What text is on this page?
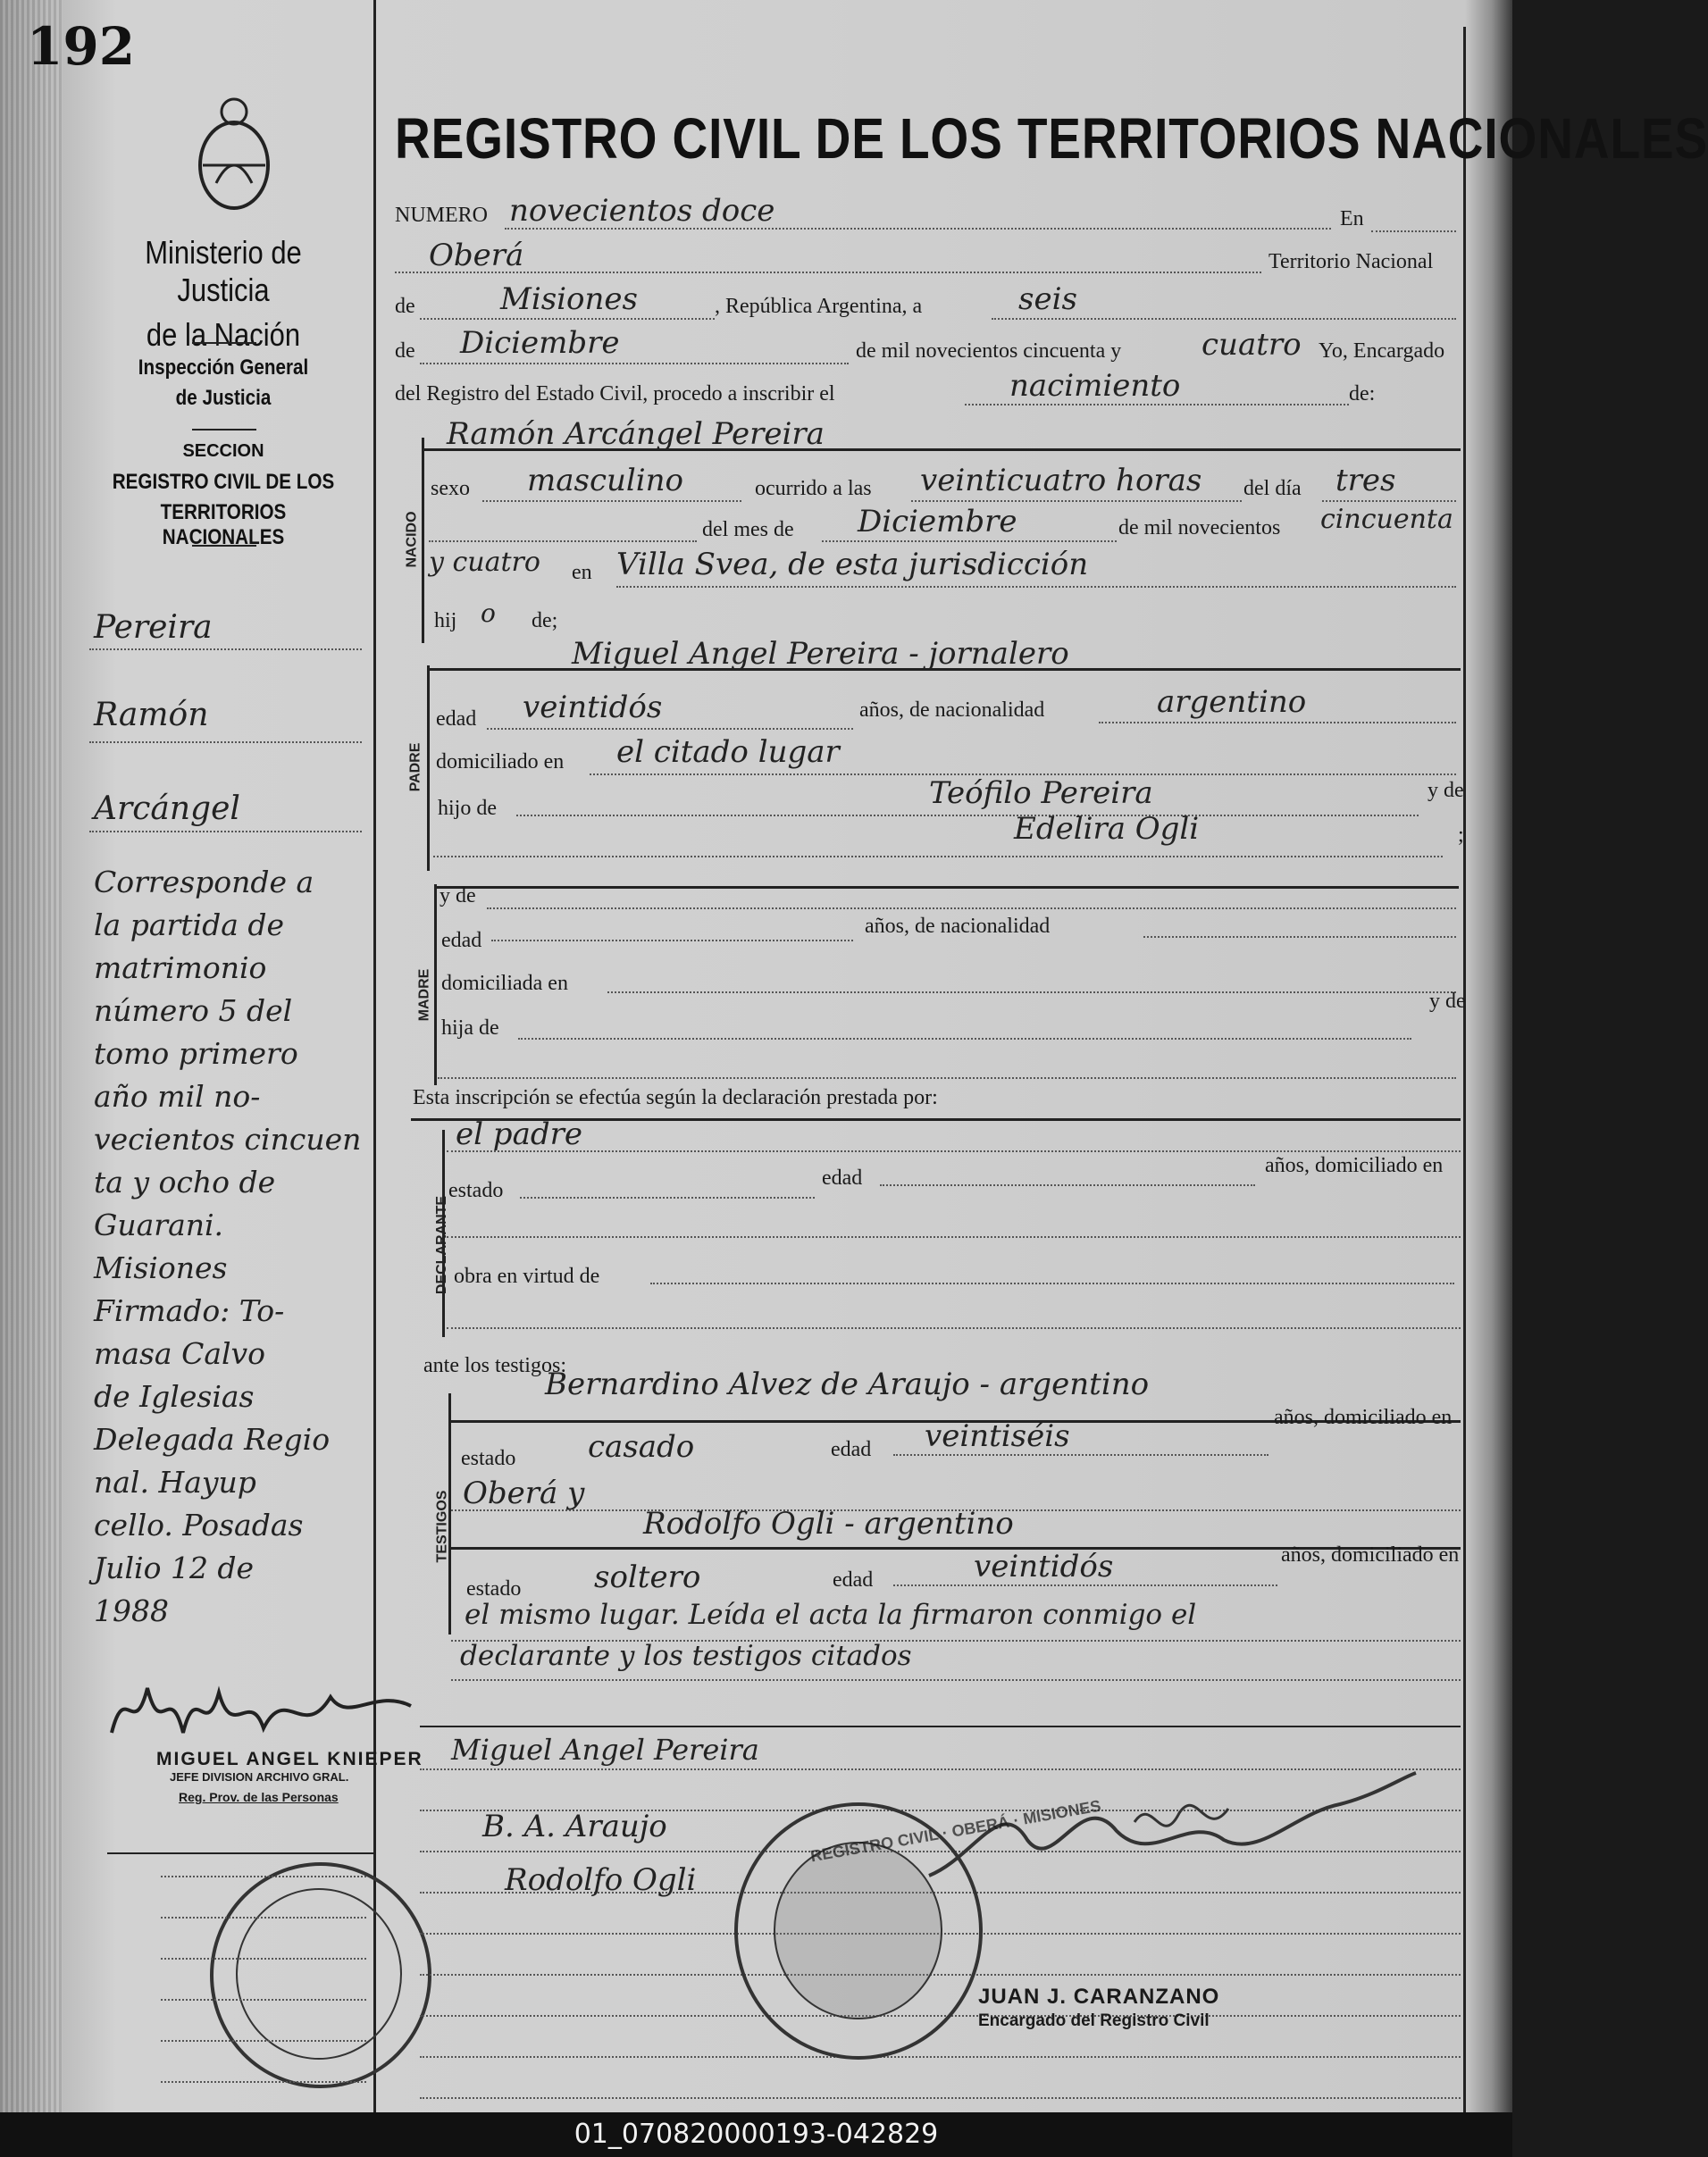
192
Ministerio de Justicia
de la Nación
Inspección General
de Justicia
SECCION
REGISTRO CIVIL DE LOS
TERRITORIOS NACIONALES
Pereira
Ramón
Arcángel
Corresponde a
la partida de
matrimonio
número 5 del
tomo primero
año mil no-
vecientos cincuen
ta y ocho de
Guarani.
Misiones
Firmado: To-
masa Calvo
de Iglesias
Delegada Regio
nal. Hayup
cello. Posadas
Julio 12 de
1988
MIGUEL ANGEL KNIEPER
JEFE DIVISION ARCHIVO GRAL.
Reg. Prov. de las Personas
REGISTRO CIVIL DE LOS TERRITORIOS NACIONALES
NUMERO novecientos doce	En
Oberá	Territorio Nacional
de	Misiones	, República Argentina, a	seis
de Diciembre	de mil novecientos cincuenta y	cuatro Yo, Encargado
del Registro del Estado Civil, procedo a inscribir el	nacimiento	de:
NACIDO
Ramón Arcángel Pereira
sexo masculino	ocurrido a las veinticuatro horas del día tres
del mes de Diciembre	de mil novecientos cincuenta
y cuatro en Villa Svea, de esta jurisdicción
hij o de;
PADRE
Miguel Angel Pereira - jornalero
edad veintidós	años, de nacionalidad	argentino
domiciliado en el citado lugar
hijo de	Teófilo Pereira	y de
Edelira Ogli	;
MADRE
y de
edad
años, de nacionalidad
domiciliada en
hija de
y de
Esta inscripción se efectúa según la declaración prestada por:
DECLARANTE
el padre
estado
edad
años, domiciliado en
obra en virtud de
ante los testigos:
TESTIGOS
Bernardino Alvez de Araujo - argentino
estado casado	edad veintiséis
años, domiciliado en
Oberá y
Rodolfo Ogli - argentino
estado soltero	edad	veintidós	años, domiciliado en
el mismo lugar. Leída el acta la firmaron conmigo el
declarante y los testigos citados
Miguel Angel Pereira
B. A. Araujo
Rodolfo Ogli
REGISTRO CIVIL · OBERÁ · MISIONES
JUAN J. CARANZANO
Encargado del Registro Civil
01_070820000193-042829
